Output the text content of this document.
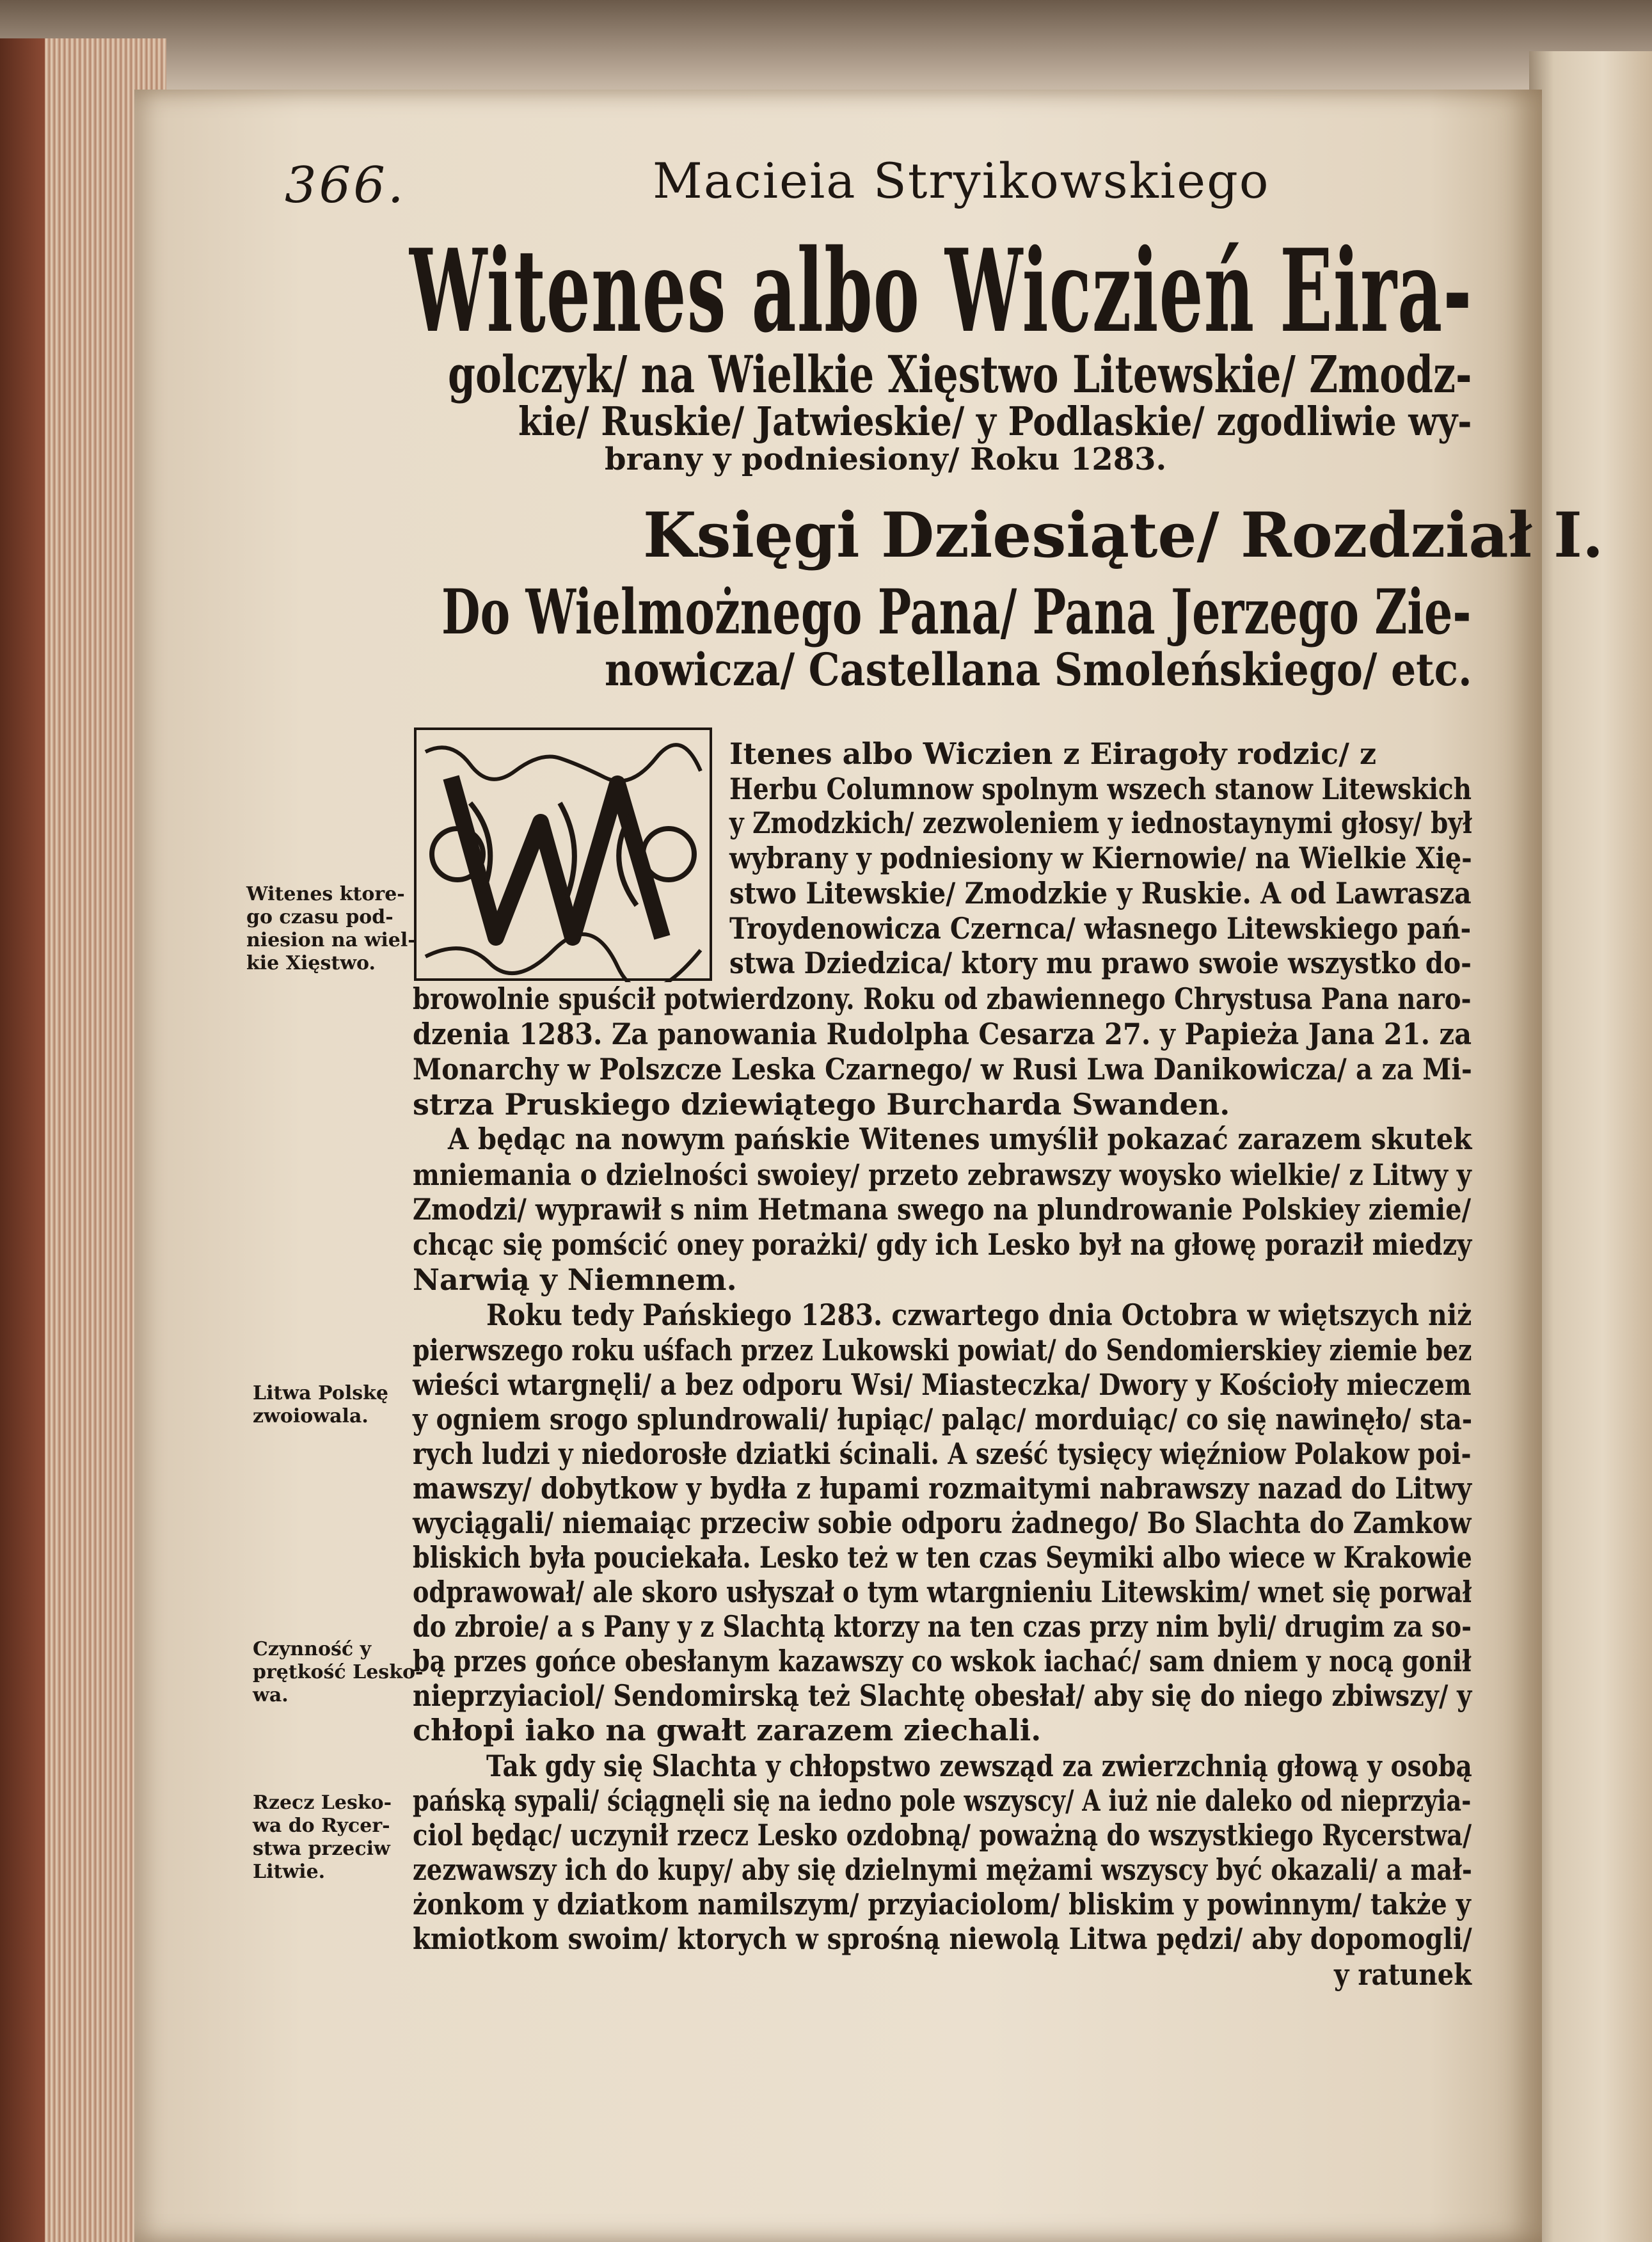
366.	Macieia Stryikowskiego
Witenes albo Wiczień Eira-
golczyk/ na Wielkie Xięstwo Litewskie/ Zmodz-
kie/ Ruskie/ Jatwieskie/ y Podlaskie/ zgodliwie wy-
brany y podniesiony/ Roku 1283.
Księgi Dziesiąte/ Rozdział I.
Do Wielmożnego Pana/ Pana Jerzego Zie-
nowicza/ Castellana Smoleńskiego/ etc.
Itenes albo Wiczien z Eiragoły rodzic/ z
Herbu Columnow spolnym wszech stanow Litewskich
y Zmodzkich/ zezwoleniem y iednostaynymi głosy/ był
wybrany y podniesiony w Kiernowie/ na Wielkie Xię-
stwo Litewskie/ Zmodzkie y Ruskie. A od Lawrasza
Troydenowicza Czernca/ własnego Litewskiego pań-
stwa Dziedzica/ ktory mu prawo swoie wszystko do-
browolnie spuścił potwierdzony. Roku od zbawiennego Chrystusa Pana naro-
dzenia 1283. Za panowania Rudolpha Cesarza 27. y Papieża Jana 21. za
Monarchy w Polszcze Leska Czarnego/ w Rusi Lwa Danikowicza/ a za Mi-
strza Pruskiego dziewiątego Burcharda Swanden.
A będąc na nowym pańskie Witenes umyślił pokazać zarazem skutek
mniemania o dzielności swoiey/ przeto zebrawszy woysko wielkie/ z Litwy y
Zmodzi/ wyprawił s nim Hetmana swego na plundrowanie Polskiey ziemie/
chcąc się pomścić oney porażki/ gdy ich Lesko był na głowę poraził miedzy
Narwią y Niemnem.
Roku tedy Pańskiego 1283. czwartego dnia Octobra w więtszych niż
pierwszego roku uśfach przez Lukowski powiat/ do Sendomierskiey ziemie bez
wieści wtargnęli/ a bez odporu Wsi/ Miasteczka/ Dwory y Kościoły mieczem
y ogniem srogo splundrowali/ łupiąc/ paląc/ morduiąc/ co się nawinęło/ sta-
rych ludzi y niedorosłe dziatki ścinali. A sześć tysięcy więźniow Polakow poi-
mawszy/ dobytkow y bydła z łupami rozmaitymi nabrawszy nazad do Litwy
wyciągali/ niemaiąc przeciw sobie odporu żadnego/ Bo Slachta do Zamkow
bliskich była pouciekała. Lesko też w ten czas Seymiki albo wiece w Krakowie
odprawował/ ale skoro usłyszał o tym wtargnieniu Litewskim/ wnet się porwał
do zbroie/ a s Pany y z Slachtą ktorzy na ten czas przy nim byli/ drugim za so-
bą przes gońce obesłanym kazawszy co wskok iachać/ sam dniem y nocą gonił
nieprzyiaciol/ Sendomirską też Slachtę obesłał/ aby się do niego zbiwszy/ y
chłopi iako na gwałt zarazem ziechali.
Tak gdy się Slachta y chłopstwo zewsząd za zwierzchnią głową y osobą
pańską sypali/ ściągnęli się na iedno pole wszyscy/ A iuż nie daleko od nieprzyia-
ciol będąc/ uczynił rzecz Lesko ozdobną/ poważną do wszystkiego Rycerstwa/
zezwawszy ich do kupy/ aby się dzielnymi mężami wszyscy być okazali/ a mał-
żonkom y dziatkom namilszym/ przyiaciolom/ bliskim y powinnym/ także y
kmiotkom swoim/ ktorych w sprośną niewolą Litwa pędzi/ aby dopomogli/
y ratunek
Witenes ktore-
go czasu pod-
niesion na wiel-
kie Xięstwo.
Litwa Polskę
zwoiowala.
Czynność y
prętkość Lesko-
wa.
Rzecz Lesko-
wa do Rycer-
stwa przeciw
Litwie.
